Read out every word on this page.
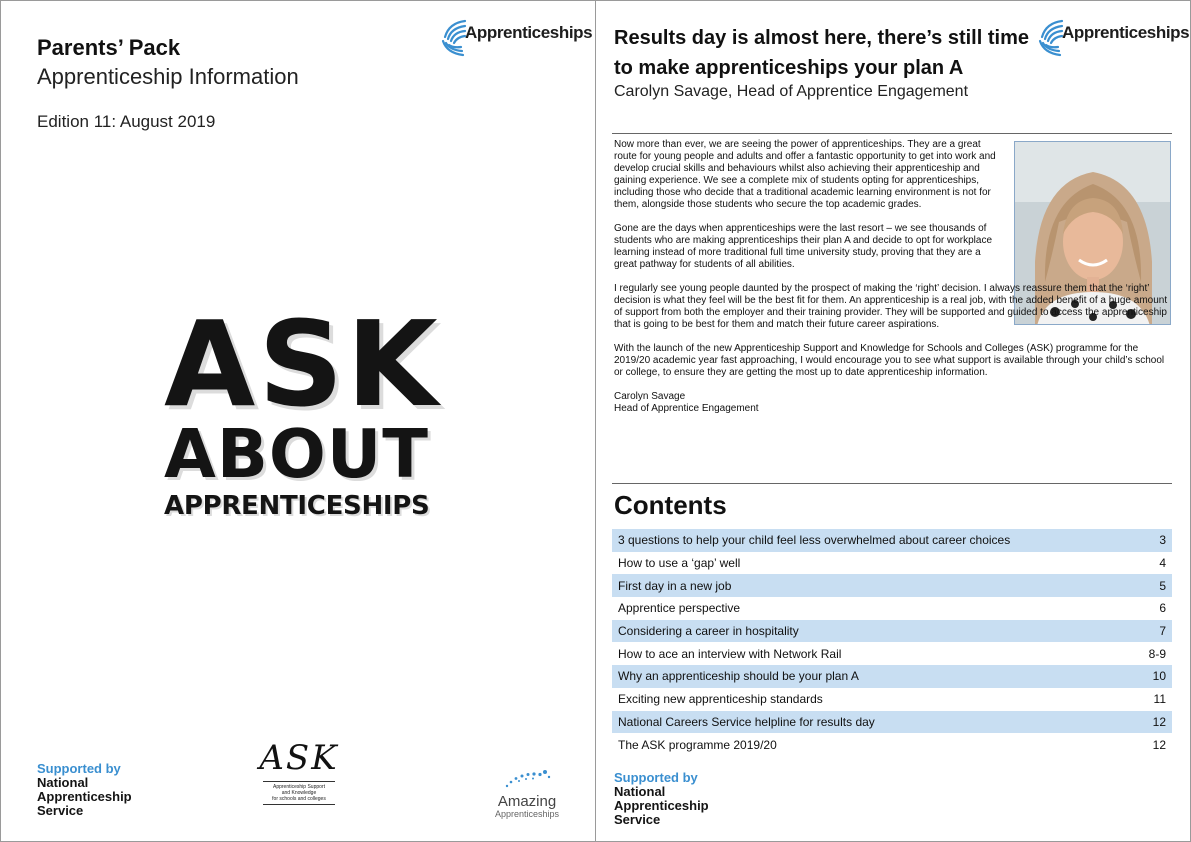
Apprenticeships
Parents’ Pack
Apprenticeship Information
Edition 11: August 2019
ASK
ABOUT
APPRENTICESHIPS
Supported by
National
Apprenticeship
Service
ASK
Apprenticeship Support
and Knowledge
for schools and colleges	Amazing
Apprenticeships
Apprenticeships
Results day is almost here, there’s still time to make apprenticeships your plan A
Carolyn Savage, Head of Apprentice Engagement

Now more than ever, we are seeing the power of apprenticeships. They are a great route for young people and adults and offer a fantastic opportunity to get into work and develop crucial skills and behaviours whilst also achieving their apprenticeship and gaining experience. We see a complete mix of students opting for apprenticeships, including those who decide that a traditional academic learning environment is not for them, alongside those students who secure the top academic grades.

Gone are the days when apprenticeships were the last resort – we see thousands of students who are making apprenticeships their plan A and decide to opt for workplace learning instead of more traditional full time university study, proving that they are a great pathway for students of all abilities.

I regularly see young people daunted by the prospect of making the ‘right’ decision. I always reassure them that the ‘right’ decision is what they feel will be the best fit for them. An apprenticeship is a real job, with the added benefit of a huge amount of support from both the employer and their training provider. They will be supported and guided to access the apprenticeship that is going to be best for them and match their future career aspirations.

With the launch of the new Apprenticeship Support and Knowledge for Schools and Colleges (ASK) programme for the 2019/20 academic year fast approaching, I would encourage you to see what support is available through your child’s school or college, to ensure they are getting the most up to date apprenticeship information.

Carolyn Savage
Head of Apprentice Engagement
Contents
3 questions to help your child feel less overwhelmed about career choices	3
How to use a ‘gap’ well	4
First day in a new job	5
Apprentice perspective	6
Considering a career in hospitality	7
How to ace an interview with Network Rail	8-9
Why an apprenticeship should be your plan A	10
Exciting new apprenticeship standards	11
National Careers Service helpline for results day	12
The ASK programme 2019/20	12
Supported by
National
Apprenticeship
Service
